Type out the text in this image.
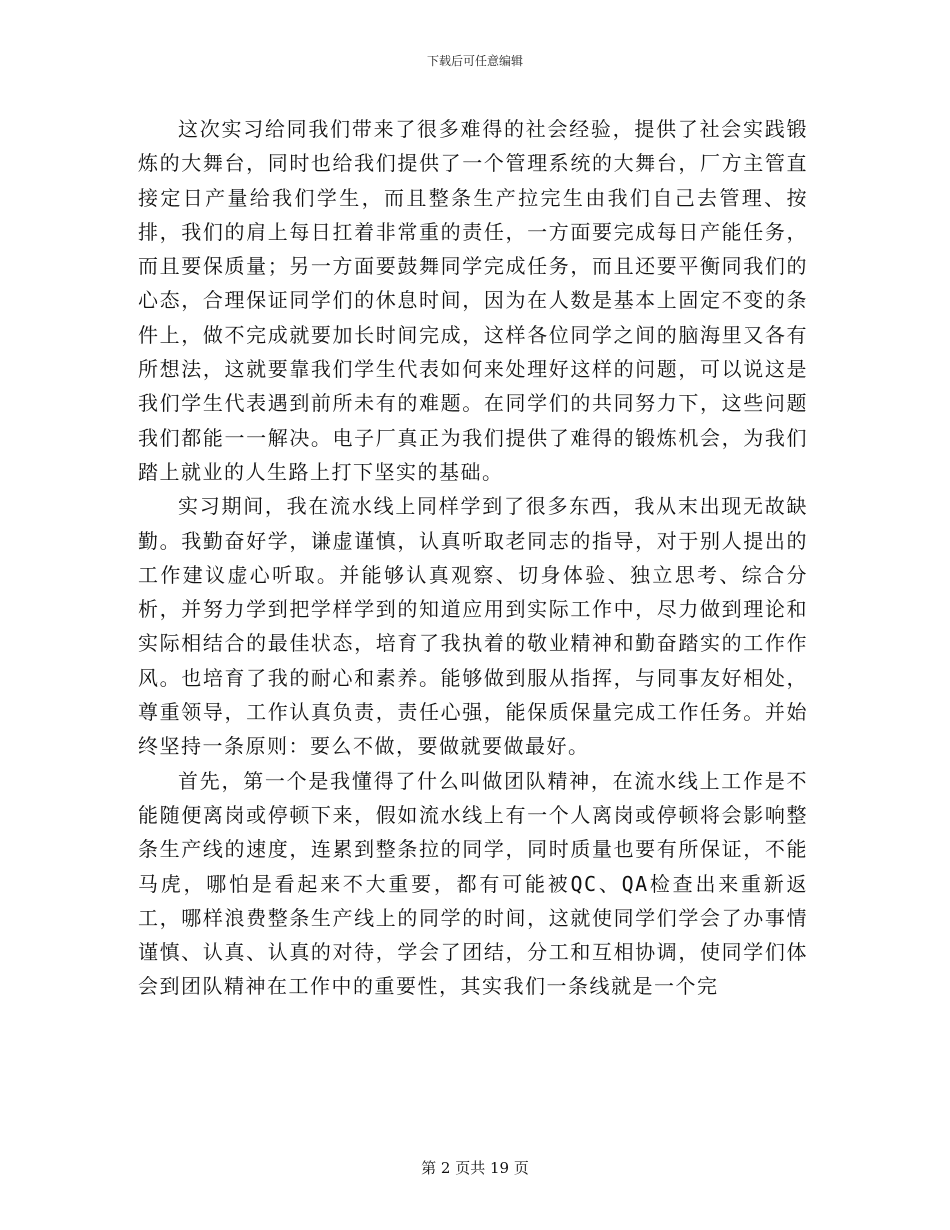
下载后可任意编辑

这次实习给同我们带来了很多难得的社会经验，提供了社会实践锻炼的大舞台，同时也给我们提供了一个管理系统的大舞台，厂方主管直接定日产量给我们学生，而且整条生产拉完生由我们自己去管理、按排，我们的肩上每日扛着非常重的责任，一方面要完成每日产能任务，而且要保质量；另一方面要鼓舞同学完成任务，而且还要平衡同我们的心态，合理保证同学们的休息时间，因为在人数是基本上固定不变的条件上，做不完成就要加长时间完成，这样各位同学之间的脑海里又各有所想法，这就要靠我们学生代表如何来处理好这样的问题，可以说这是我们学生代表遇到前所未有的难题。在同学们的共同努力下，这些问题我们都能一一解决。电子厂真正为我们提供了难得的锻炼机会，为我们踏上就业的人生路上打下坚实的基础。

实习期间，我在流水线上同样学到了很多东西，我从末出现无故缺勤。我勤奋好学，谦虚谨慎，认真听取老同志的指导，对于别人提出的工作建议虚心听取。并能够认真观察、切身体验、独立思考、综合分析，并努力学到把学样学到的知道应用到实际工作中，尽力做到理论和实际相结合的最佳状态，培育了我执着的敬业精神和勤奋踏实的工作作风。也培育了我的耐心和素养。能够做到服从指挥，与同事友好相处，尊重领导，工作认真负责，责任心强，能保质保量完成工作任务。并始终坚持一条原则：要么不做，要做就要做最好。

首先，第一个是我懂得了什么叫做团队精神，在流水线上工作是不能随便离岗或停顿下来，假如流水线上有一个人离岗或停顿将会影响整条生产线的速度，连累到整条拉的同学，同时质量也要有所保证，不能马虎，哪怕是看起来不大重要，都有可能被QC、QA检查出来重新返工，哪样浪费整条生产线上的同学的时间，这就使同学们学会了办事情谨慎、认真、认真的对待，学会了团结，分工和互相协调，使同学们体会到团队精神在工作中的重要性，其实我们一条线就是一个完

第 2 页共 19 页
